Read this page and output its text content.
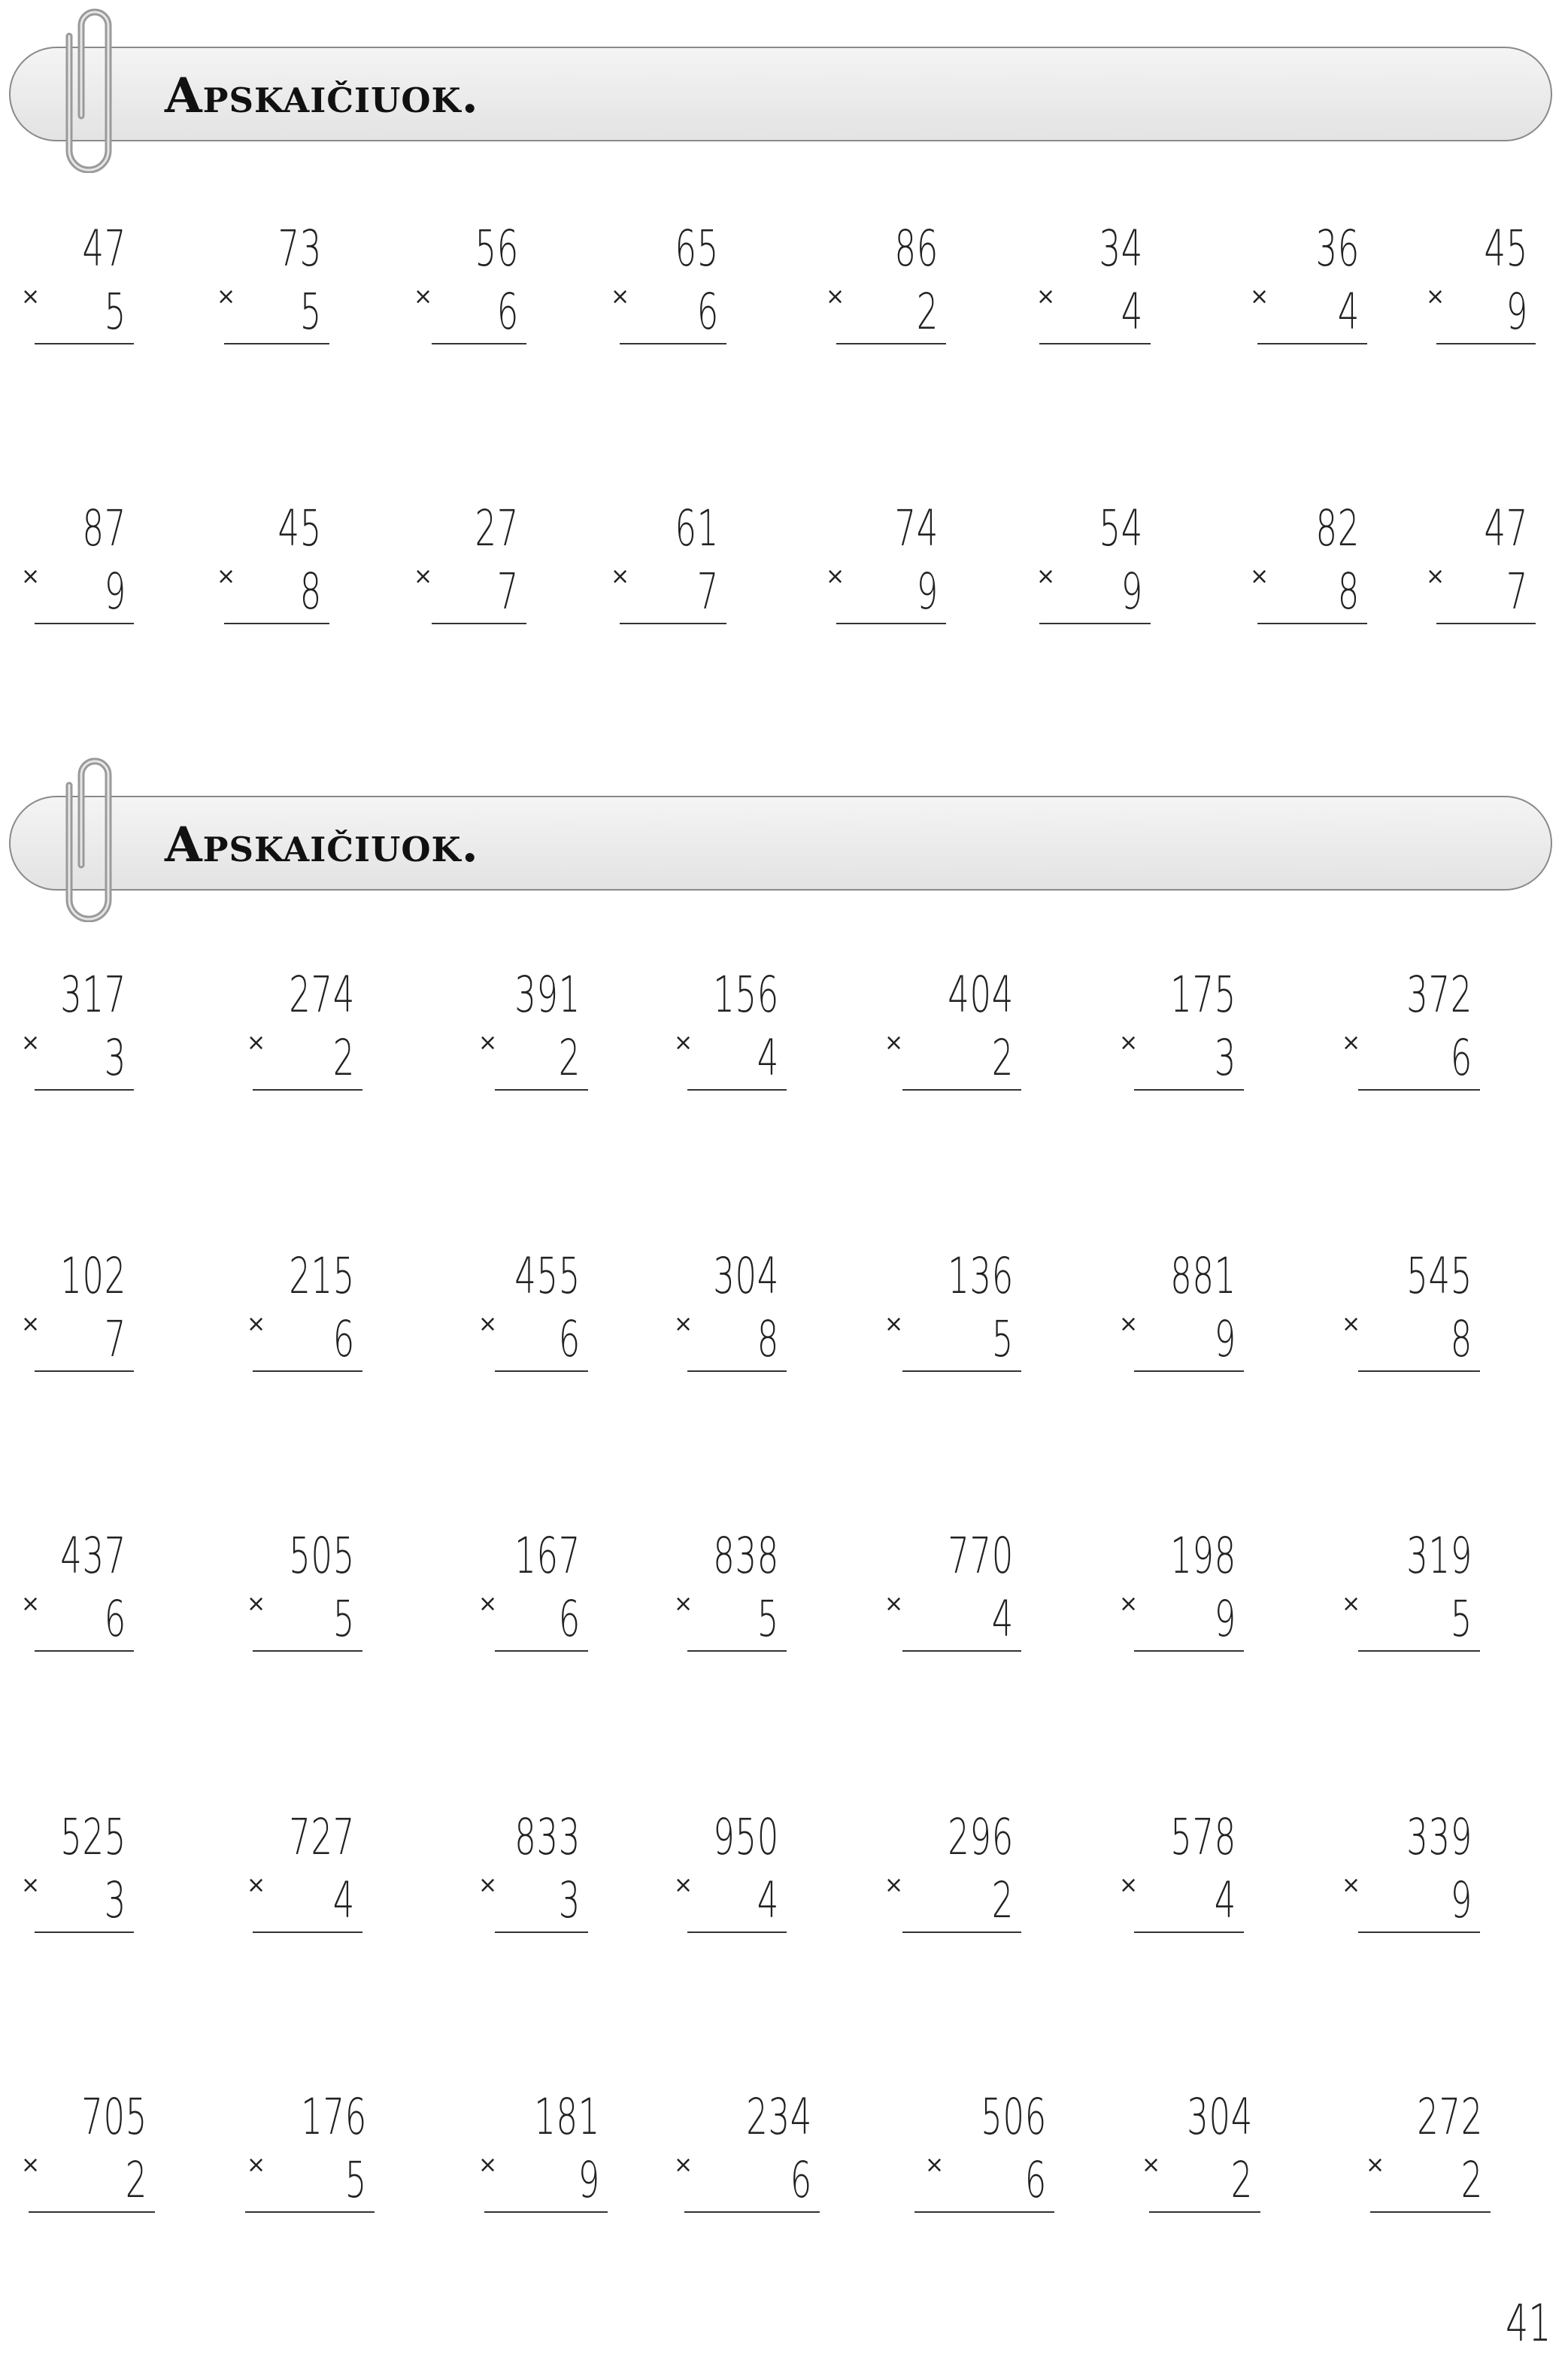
Apskaičiuok.
Apskaičiuok.
×
47
5	×
73
5	×
56
6	×
65
6	×
86
2	×
34
4	×
36
4	×
45
9
×
87
9	×
45
8	×
27
7	×
61
7	×
74
9	×
54
9	×
82
8	×
47
7
×
317
3	×
274
2	×
391
2	×
156
4	×
404
2	×
175
3	×
372
6
×
102
7	×
215
6	×
455
6	×
304
8	×
136
5	×
881
9	×
545
8
×
437
6	×
505
5	×
167
6	×
838
5	×
770
4	×
198
9	×
319
5
×
525
3	×
727
4	×
833
3	×
950
4	×
296
2	×
578
4	×
339
9
×
705
2	×
176
5	×
181
9	×
234
6	×
506
6	×
304
2	×
272
2
41
